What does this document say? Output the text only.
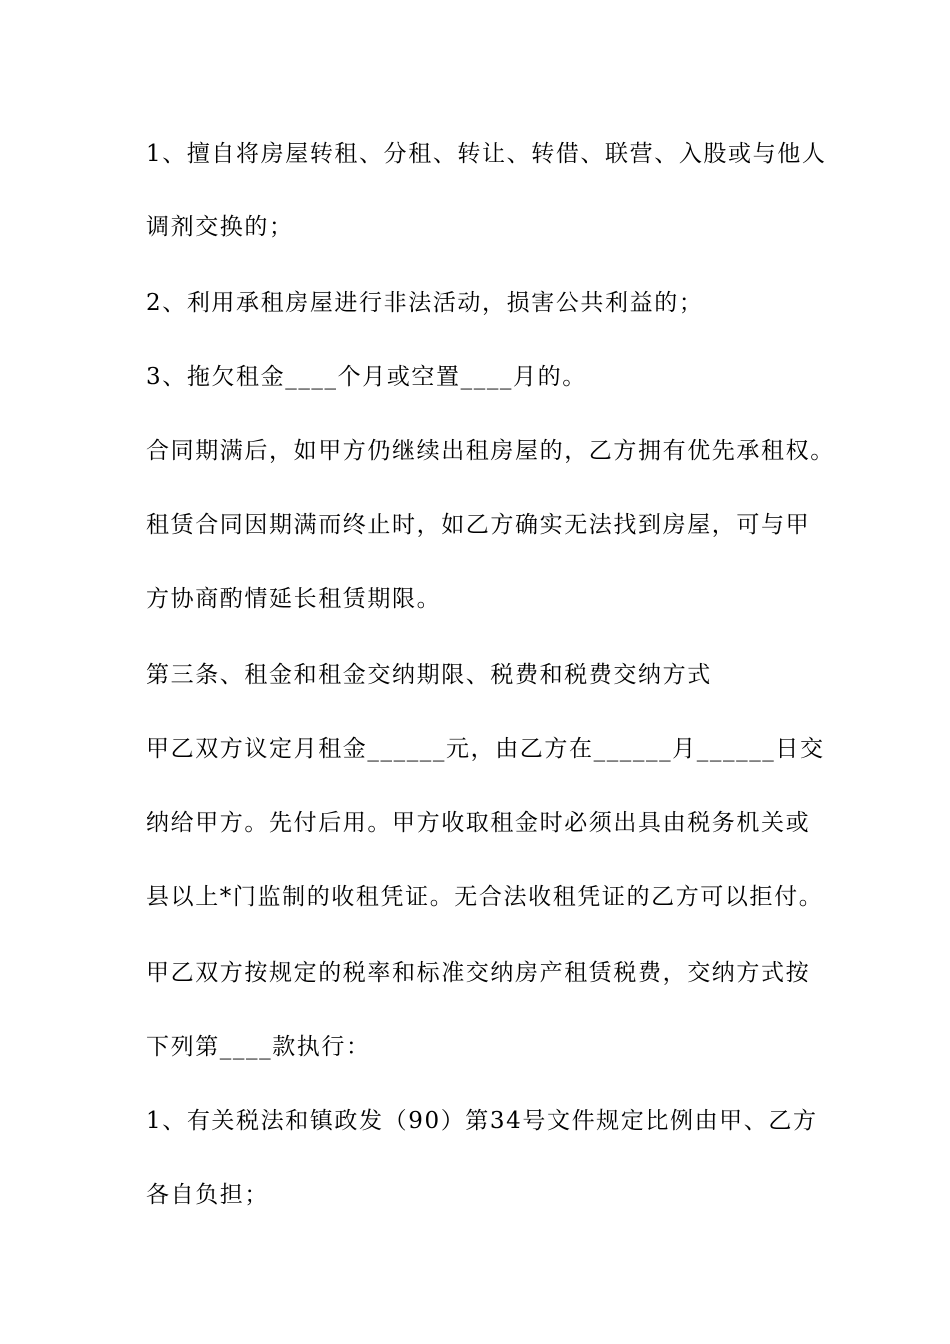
1、擅自将房屋转租、分租、转让、转借、联营、入股或与他人
调剂交换的；
2、利用承租房屋进行非法活动，损害公共利益的；
3、拖欠租金____个月或空置____月的。
合同期满后，如甲方仍继续出租房屋的，乙方拥有优先承租权。
租赁合同因期满而终止时，如乙方确实无法找到房屋，可与甲
方协商酌情延长租赁期限。
第三条、租金和租金交纳期限、税费和税费交纳方式
甲乙双方议定月租金______元，由乙方在______月______日交
纳给甲方。先付后用。甲方收取租金时必须出具由税务机关或
县以上*门监制的收租凭证。无合法收租凭证的乙方可以拒付。
甲乙双方按规定的税率和标准交纳房产租赁税费，交纳方式按
下列第____款执行：
1、有关税法和镇政发（90）第34号文件规定比例由甲、乙方
各自负担；
